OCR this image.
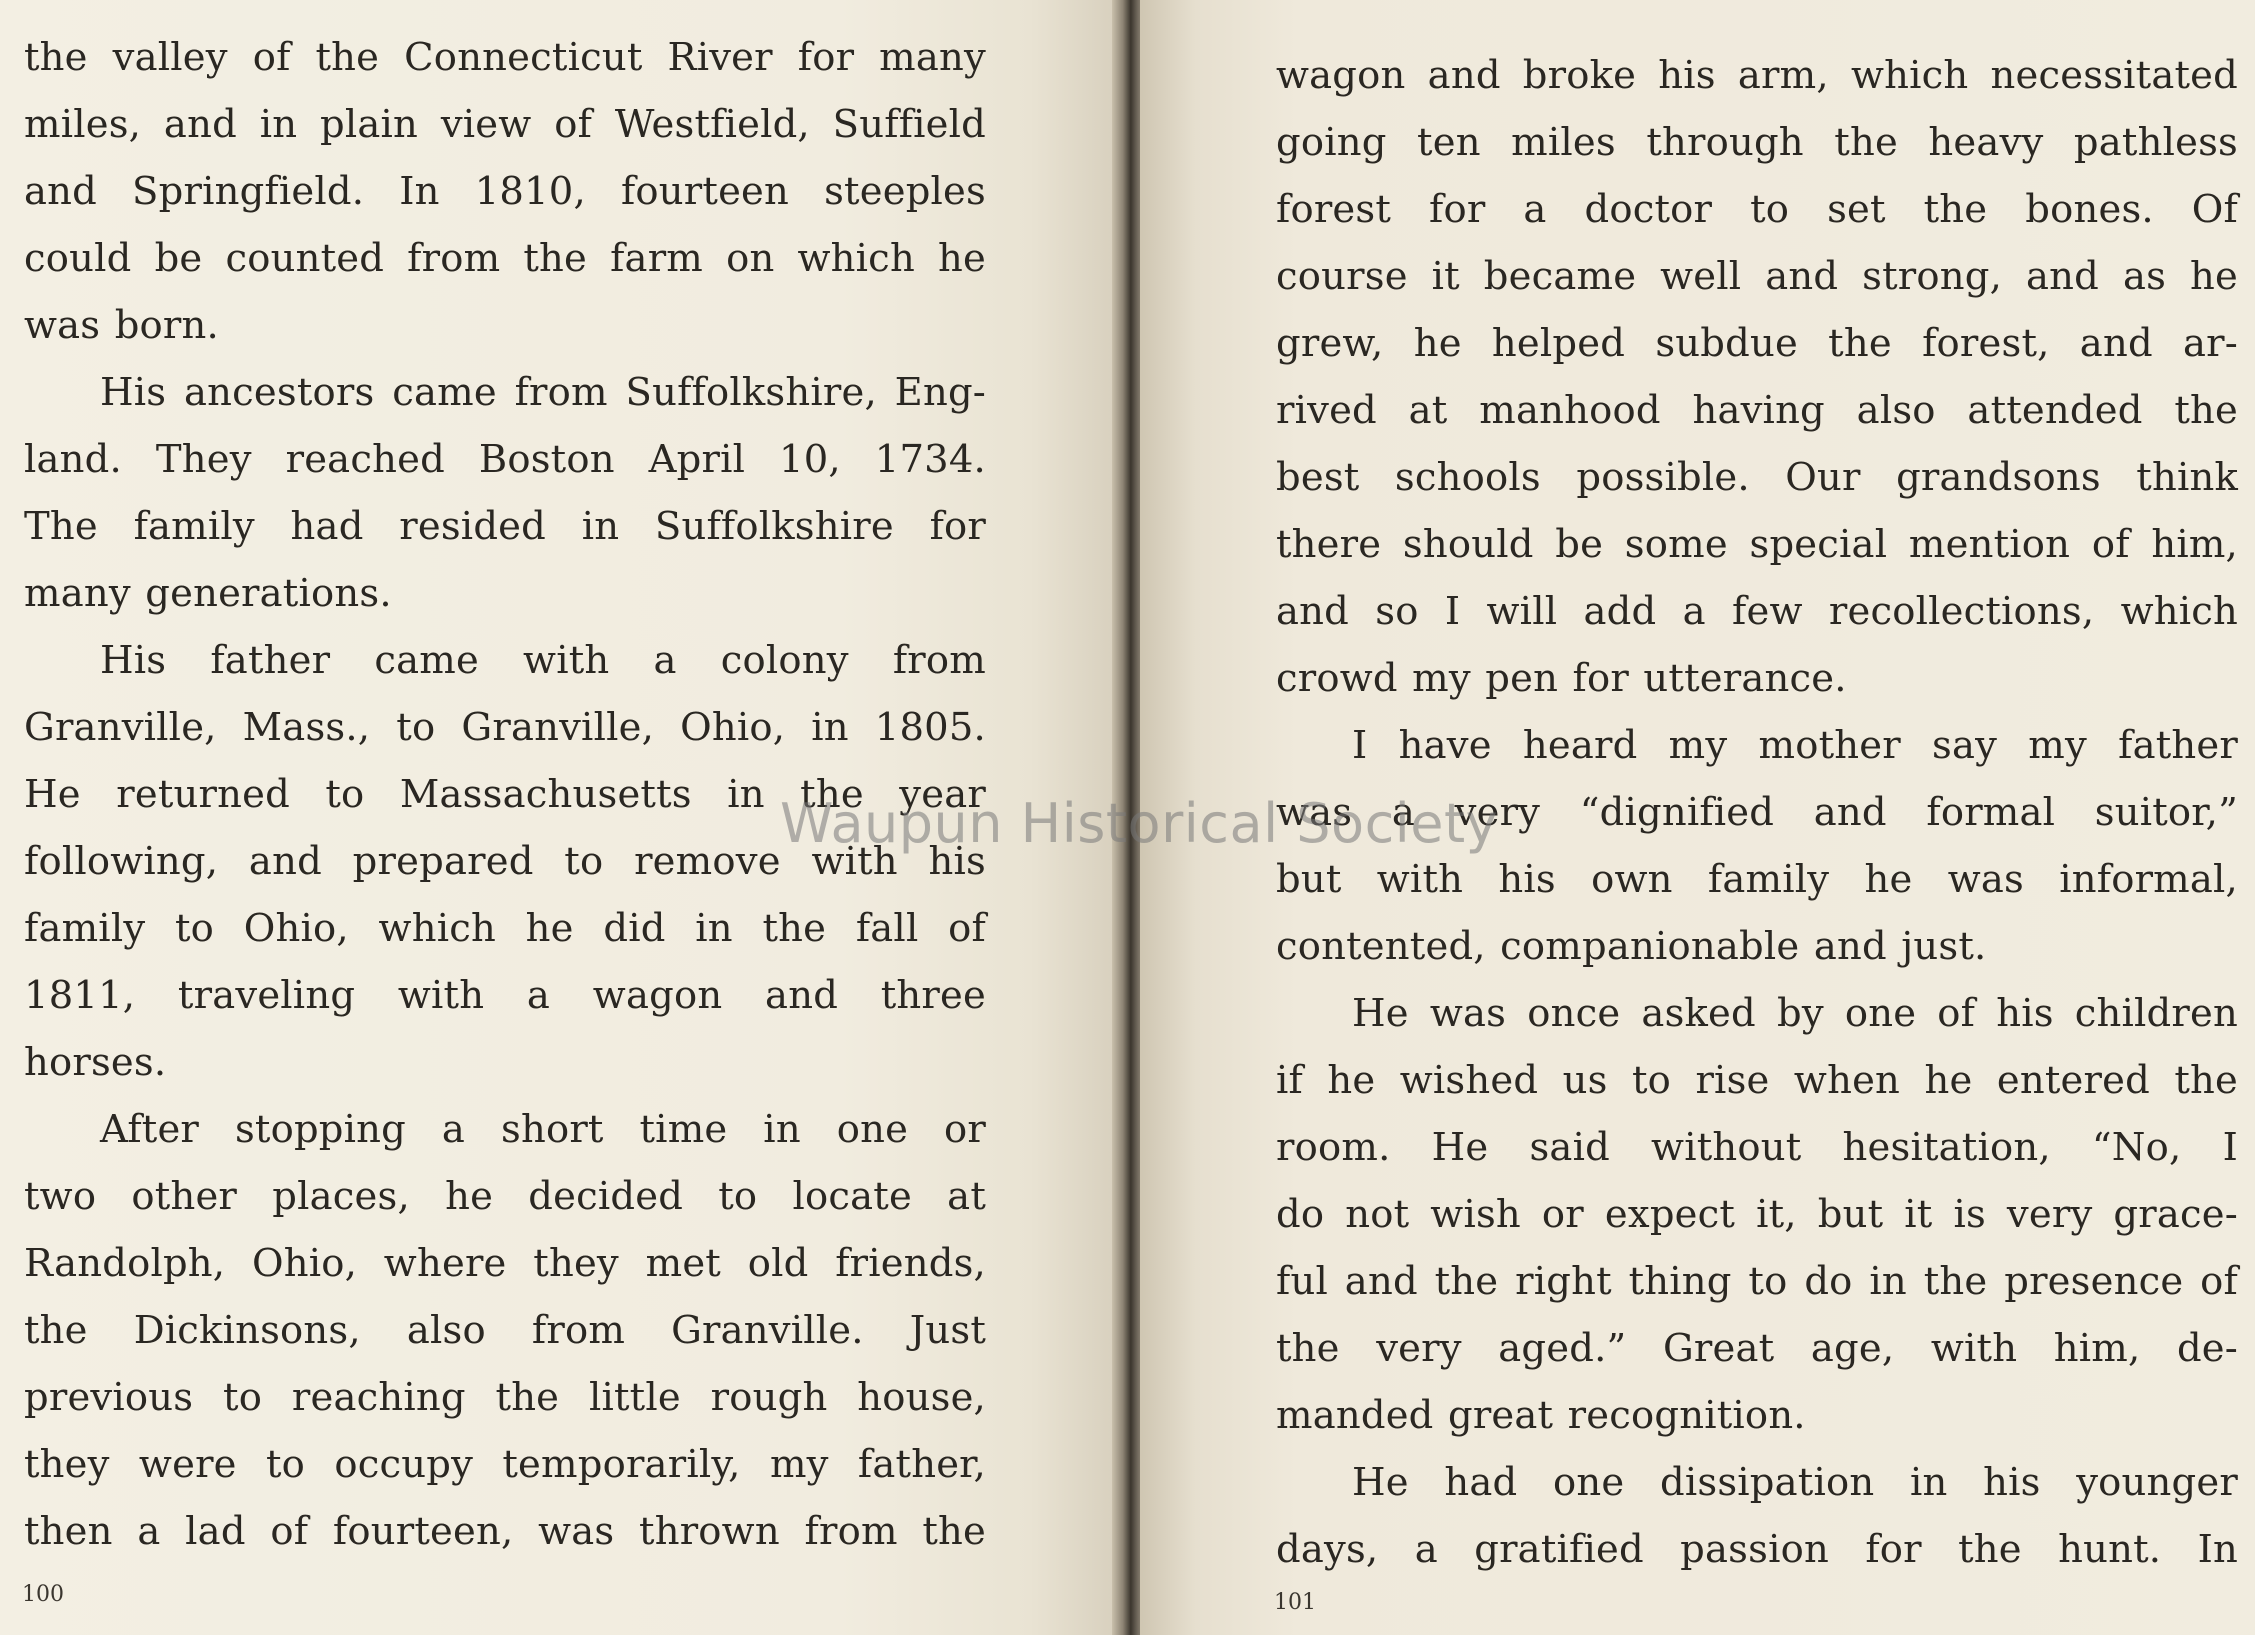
the valley of the Connecticut River for many
miles, and in plain view of Westfield, Suffield
and Springfield. In 1810, fourteen steeples
could be counted from the farm on which he
was born.
His ancestors came from Suffolkshire, Eng-
land. They reached Boston April 10, 1734.
The family had resided in Suffolkshire for
many generations.
His father came with a colony from
Granville, Mass., to Granville, Ohio, in 1805.
He returned to Massachusetts in the year
following, and prepared to remove with his
family to Ohio, which he did in the fall of
1811, traveling with a wagon and three
horses.
After stopping a short time in one or
two other places, he decided to locate at
Randolph, Ohio, where they met old friends,
the Dickinsons, also from Granville. Just
previous to reaching the little rough house,
they were to occupy temporarily, my father,
then a lad of fourteen, was thrown from the
100
wagon and broke his arm, which necessitated
going ten miles through the heavy pathless
forest for a doctor to set the bones. Of
course it became well and strong, and as he
grew, he helped subdue the forest, and ar-
rived at manhood having also attended the
best schools possible. Our grandsons think
there should be some special mention of him,
and so I will add a few recollections, which
crowd my pen for utterance.
I have heard my mother say my father
was a very “dignified and formal suitor,”
but with his own family he was informal,
contented, companionable and just.
He was once asked by one of his children
if he wished us to rise when he entered the
room. He said without hesitation, “No, I
do not wish or expect it, but it is very grace-
ful and the right thing to do in the presence of
the very aged.” Great age, with him, de-
manded great recognition.
He had one dissipation in his younger
days, a gratified passion for the hunt. In
101
Waupun Historical Society
